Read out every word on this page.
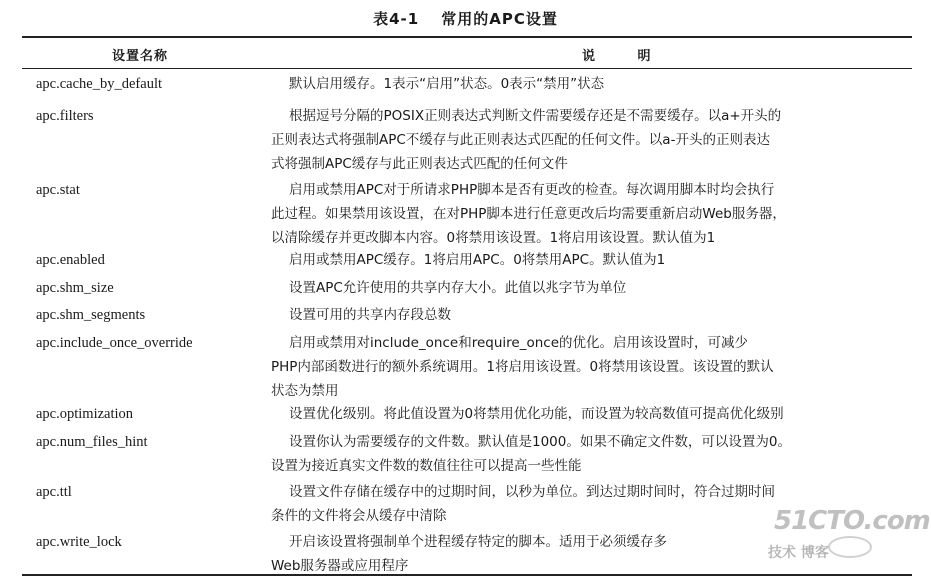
表4-1 常用的APC设置
设置名称	说 明
apc.cache_by_default	默认启用缓存。1表示“启用”状态。0表示“禁用”状态
apc.filters	根据逗号分隔的POSIX正则表达式判断文件需要缓存还是不需要缓存。以a+开头的
正则表达式将强制APC不缓存与此正则表达式匹配的任何文件。以a-开头的正则表达
式将强制APC缓存与此正则表达式匹配的任何文件
apc.stat	启用或禁用APC对于所请求PHP脚本是否有更改的检查。每次调用脚本时均会执行
此过程。如果禁用该设置，在对PHP脚本进行任意更改后均需要重新启动Web服务器，
以清除缓存并更改脚本内容。0将禁用该设置。1将启用该设置。默认值为1
apc.enabled	启用或禁用APC缓存。1将启用APC。0将禁用APC。默认值为1
apc.shm_size	设置APC允许使用的共享内存大小。此值以兆字节为单位
apc.shm_segments	设置可用的共享内存段总数
apc.include_once_override	启用或禁用对include_once和require_once的优化。启用该设置时，可减少
PHP内部函数进行的额外系统调用。1将启用该设置。0将禁用该设置。该设置的默认
状态为禁用
apc.optimization	设置优化级别。将此值设置为0将禁用优化功能，而设置为较高数值可提高优化级别
apc.num_files_hint	设置你认为需要缓存的文件数。默认值是1000。如果不确定文件数，可以设置为0。
设置为接近真实文件数的数值往往可以提高一些性能
apc.ttl	设置文件存储在缓存中的过期时间，以秒为单位。到达过期时间时，符合过期时间
条件的文件将会从缓存中清除
apc.write_lock	开启该设置将强制单个进程缓存特定的脚本。适用于必须缓存多
Web服务器或应用程序
51CTO.com
技术 博客
